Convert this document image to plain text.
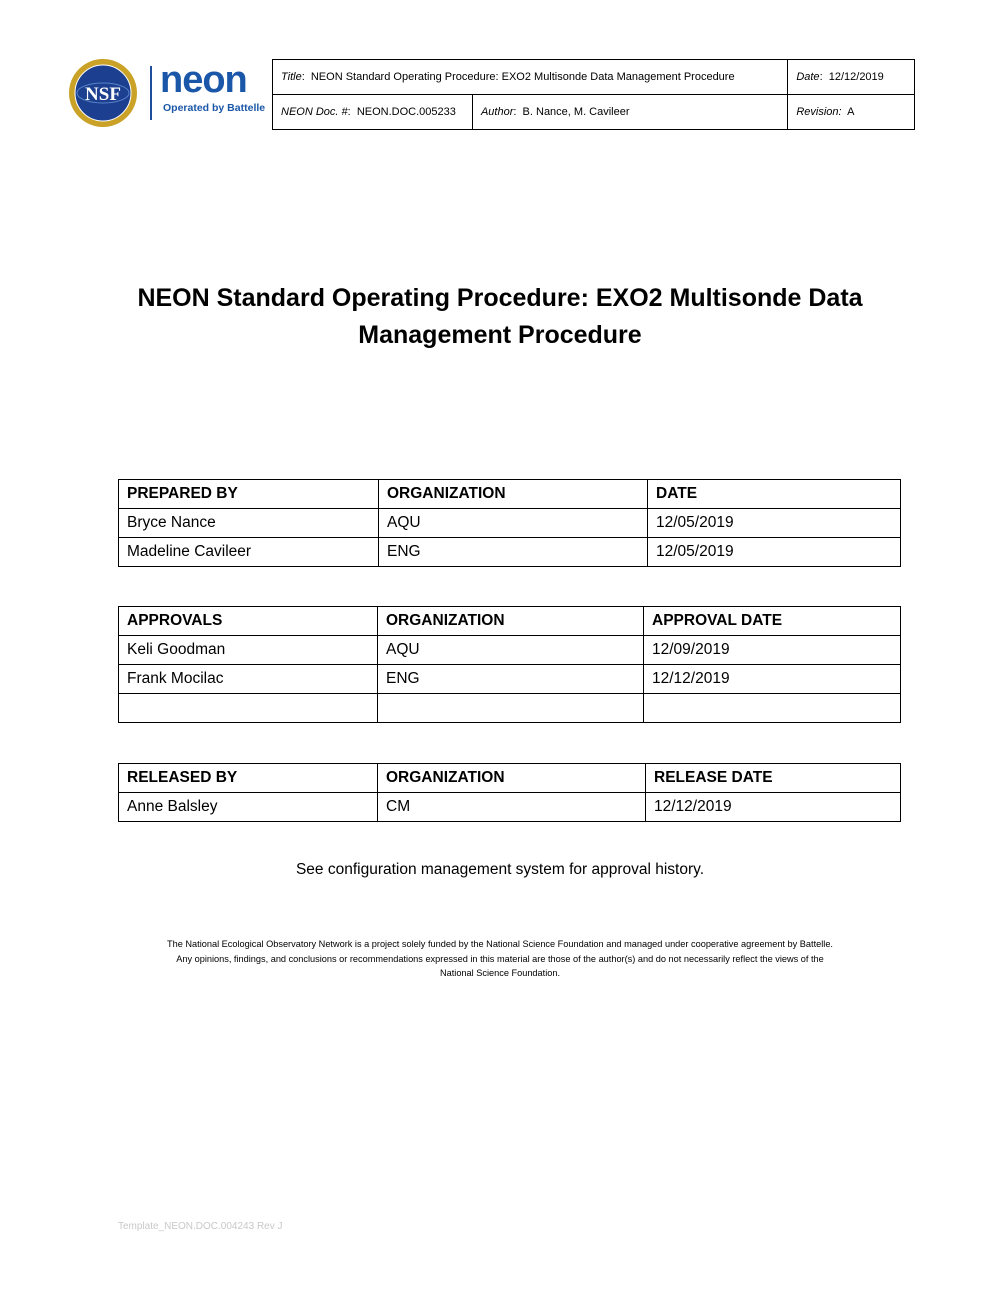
NSF neon
Operated by Battelle
Title:  NEON Standard Operating Procedure: EXO2 Multisonde Data Management Procedure		Date:  12/12/2019
NEON Doc. #:  NEON.DOC.005233	Author:  B. Nance, M. Cavileer	Revision: A
NEON Standard Operating Procedure: EXO2 Multisonde Data
Management Procedure
PREPARED BY	ORGANIZATION	DATE
Bryce Nance	AQU	12/05/2019
Madeline Cavileer	ENG	12/05/2019
APPROVALS	ORGANIZATION	APPROVAL DATE
Keli Goodman	AQU	12/09/2019
Frank Mocilac	ENG	12/12/2019

RELEASED BY	ORGANIZATION	RELEASE DATE
Anne Balsley	CM	12/12/2019
See configuration management system for approval history.
The National Ecological Observatory Network is a project solely funded by the National Science Foundation and managed under cooperative agreement by Battelle.
Any opinions, findings, and conclusions or recommendations expressed in this material are those of the author(s) and do not necessarily reflect the views of the
National Science Foundation.
Template_NEON.DOC.004243 Rev J
